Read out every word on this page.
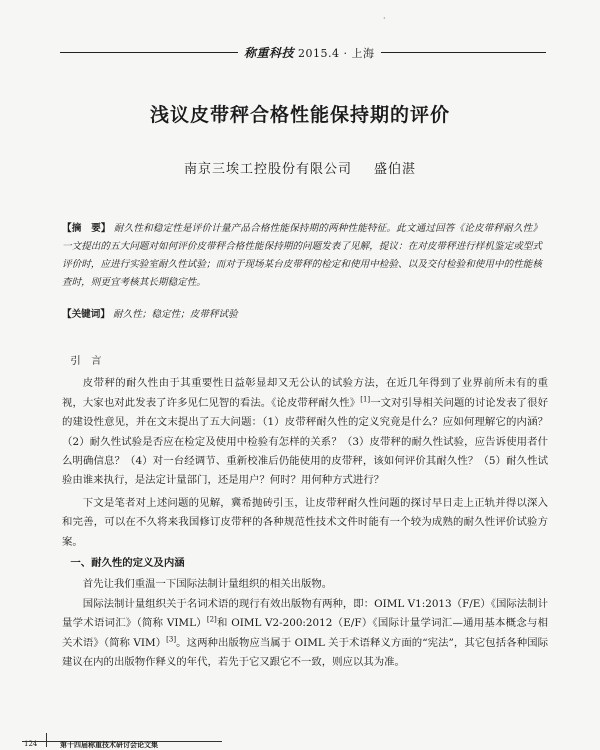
·
称重科技 2015.4 · 上海
浅议皮带秤合格性能保持期的评价
南京三埃工控股份有限公司 盛伯湛
【摘　要】 耐久性和稳定性是评价计量产品合格性能保持期的两种性能特征。此文通过回答《论皮带秤耐久性》一文提出的五大问题对如何评价皮带秤合格性能保持期的问题发表了见解，提议：在对皮带秤进行样机鉴定或型式评价时，应进行实验室耐久性试验；而对于现场某台皮带秤的检定和使用中检验、以及交付检验和使用中的性能核查时，则更宜考核其长期稳定性。
【关键词】 耐久性；稳定性；皮带秤试验

引　言

皮带秤的耐久性由于其重要性日益彰显却又无公认的试验方法，在近几年得到了业界前所未有的重视，大家也对此发表了许多见仁见智的看法。《论皮带秤耐久性》[1]一文对引导相关问题的讨论发表了很好的建设性意见，并在文末提出了五大问题：（1）皮带秤耐久性的定义究竟是什么？应如何理解它的内涵？（2）耐久性试验是否应在检定及使用中检验有怎样的关系？（3）皮带秤的耐久性试验，应告诉使用者什么明确信息？（4）对一台经调节、重新校准后仍能使用的皮带秤，该如何评价其耐久性？（5）耐久性试验由谁来执行，是法定计量部门，还是用户？何时？用何种方式进行？

下文是笔者对上述问题的见解，冀希抛砖引玉，让皮带秤耐久性问题的探讨早日走上正轨并得以深入和完善，可以在不久将来我国修订皮带秤的各种规范性技术文件时能有一个较为成熟的耐久性评价试验方案。

一、耐久性的定义及内涵

首先让我们重温一下国际法制计量组织的相关出版物。

国际法制计量组织关于名词术语的现行有效出版物有两种，即：OIML V1:2013（F/E）《国际法制计量学术语词汇》（简称 VIML）[2]和 OIML V2-200:2012（E/F）《国际计量学词汇—通用基本概念与相关术语》（简称 VIM）[3]。这两种出版物应当属于 OIML 关于术语释义方面的“宪法”，其它包括各种国际建议在内的出版物作释义的年代，若先于它又跟它不一致，则应以其为准。

124	第十四届称重技术研讨会论文集
